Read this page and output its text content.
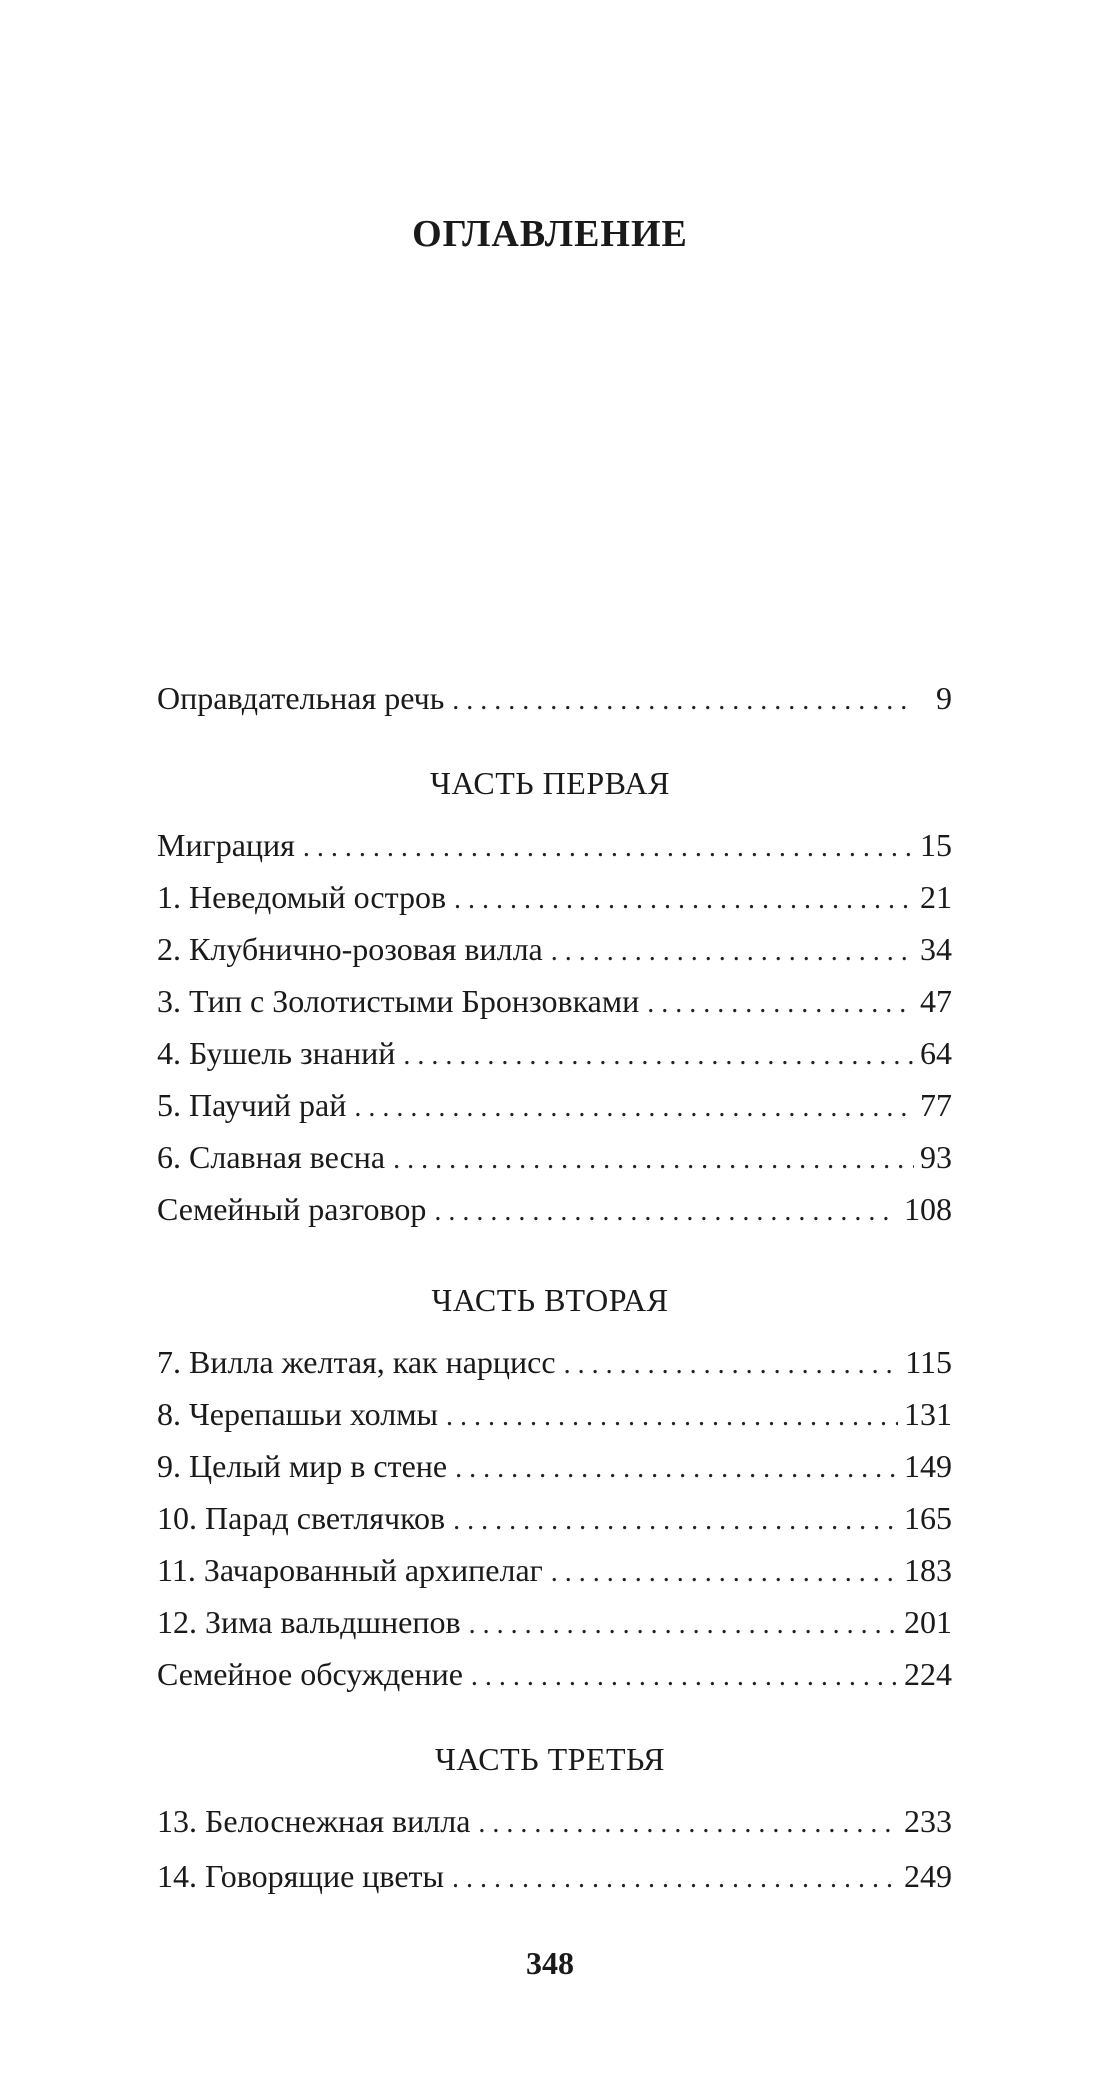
ОГЛАВЛЕНИЕ
Оправдательная речь . . .	9
ЧАСТЬ ПЕРВАЯ
Миграция . . .	15
1. Неведомый остров . . .	21
2. Клубнично-розовая вилла . . .	34
3. Тип с Золотистыми Бронзовками . . .	47
4. Бушель знаний . . .	64
5. Паучий рай . . .	77
6. Славная весна . . .	93
Семейный разговор . . .	108
ЧАСТЬ ВТОРАЯ
7. Вилла желтая, как нарцисс . . .	115
8. Черепашьи холмы . . .	131
9. Целый мир в стене . . .	149
10. Парад светлячков . . .	165
11. Зачарованный архипелаг . . .	183
12. Зима вальдшнепов . . .	201
Семейное обсуждение . . .	224
ЧАСТЬ ТРЕТЬЯ
13. Белоснежная вилла . . .	233
14. Говорящие цветы . . .	249
348
